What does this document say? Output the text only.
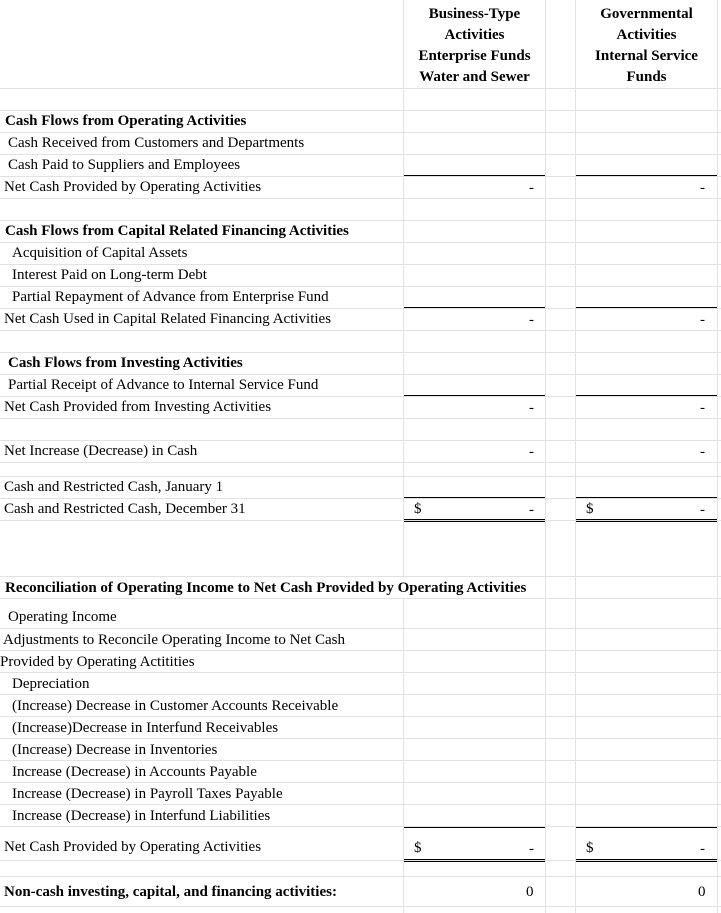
Business-Type
Activities
Enterprise Funds
Water and Sewer
Governmental
Activities
Internal Service
Funds
Cash Flows from Operating Activities
Cash Received from Customers and Departments
Cash Paid to Suppliers and Employees
Net Cash Provided by Operating Activities	-	-
Cash Flows from Capital Related Financing Activities
Acquisition of Capital Assets
Interest Paid on Long-term Debt
Partial Repayment of Advance from Enterprise Fund
Net Cash Used in Capital Related Financing Activities	-	-
Cash Flows from Investing Activities
Partial Receipt of Advance to Internal Service Fund
Net Cash Provided from Investing Activities	-	-
Net Increase (Decrease) in Cash	-	-
Cash and Restricted Cash, January 1
Cash and Restricted Cash, December 31	$	-	$	-
Reconciliation of Operating Income to Net Cash Provided by Operating Activities
Operating Income
Adjustments to Reconcile Operating Income to Net Cash
Provided by Operating Actitities
Depreciation
(Increase) Decrease in Customer Accounts Receivable
(Increase)Decrease in Interfund Receivables
(Increase) Decrease in Inventories
Increase (Decrease) in Accounts Payable
Increase (Decrease) in Payroll Taxes Payable
Increase (Decrease) in Interfund Liabilities
Net Cash Provided by Operating Activities	$	-	$	-
Non-cash investing, capital, and financing activities:	0	0
